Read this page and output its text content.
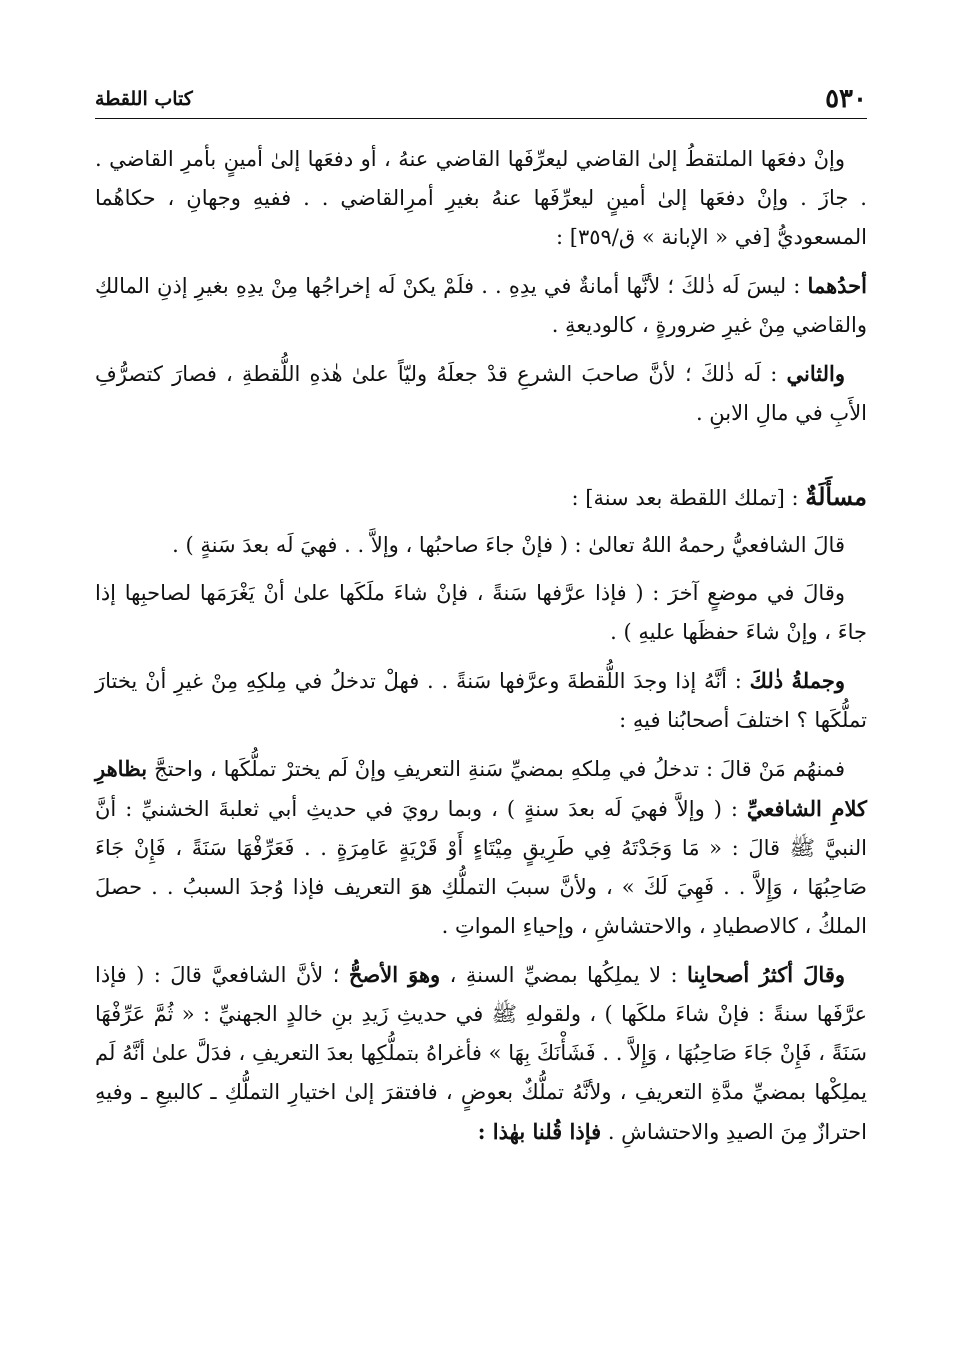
٥٣٠
كتاب اللقطة

وإنْ دفعَها الملتقطُ إلىٰ القاضي ليعرِّفَها القاضي عنهُ ، أو دفعَها إلىٰ أمينٍ بأمرِ القاضي . . جازَ . وإنْ دفعَها إلىٰ أمينٍ ليعرِّفَها عنهُ بغيرِ أمرِالقاضي . . ففيهِ وجهانِ ، حكاهُما المسعوديُّ [في « الإبانة » ق/٣٥٩] :

أحدُهما : ليسَ لَه ذٰلكَ ؛ لأنَّها أمانةٌ في يدِهِ . . فلَمْ يكنْ لَه إخراجُها مِنْ يدِهِ بغيرِ إذنِ المالكِ والقاضي مِنْ غيرِ ضرورةٍ ، كالوديعةِ .

والثاني : لَه ذٰلكَ ؛ لأنَّ صاحبَ الشرعِ قدْ جعلَهُ وليّاً علىٰ هٰذهِ اللُّقطةِ ، فصارَ كتصرُّفِ الأَبِ في مالِ الابنِ .

مسأَلَةٌ : [تملك اللقطة بعد سنة] :

قالَ الشافعيُّ رحمهُ اللهُ تعالىٰ : ( فإنْ جاءَ صاحبُها ، وإلاَّ . . فهيَ لَه بعدَ سَنةٍ ) .

وقالَ في موضعٍ آخرَ : ( فإذا عرَّفها سَنةً ، فإنْ شاءَ ملَكَها علىٰ أنْ يَغْرَمَها لصاحبِها إذا جاءَ ، وإنْ شاءَ حفظَها عليهِ ) .

وجملةُ ذٰلكَ : أنَّهُ إذا وجدَ اللُّقطةَ وعرَّفها سَنةً . . فهلْ تدخلُ في مِلكِهِ مِنْ غيرِ أنْ يختارَ تملُّكَها ؟ اختلفَ أصحابُنا فيهِ :

فمنهُم مَنْ قالَ : تدخلُ في مِلكهِ بمضيِّ سَنةِ التعريفِ وإنْ لَم يخترْ تملُّكَها ، واحتجَّ بظاهرِ كلامِ الشافعيِّ : ( وإلاَّ فهيَ لَه بعدَ سنةٍ ) ، وبما رويَ في حديثِ أبي ثعلبةَ الخشنيِّ : أنَّ النبيَّ ﷺ قالَ : « مَا وَجَدْتَهُ فِي طَرِيقٍ مِيْتَاءٍ أَوْ قَرْيَةٍ عَامِرَةٍ . . فَعَرِّفْهَا سَنَةً ، فَإِنْ جَاءَ صَاحِبُهَا ، وَإِلاَّ . . فَهِيَ لَكَ » ، ولأنَّ سببَ التملُّكِ هوَ التعريف فإذا وُجدَ السببُ . . حصلَ الملكُ ، كالاصطيادِ ، والاحتشاشِ ، وإحياءِ المواتِ .

وقالَ أكثرُ أصحابِنا : لا يملِكُها بمضيِّ السنةِ ، وهوَ الأصحُّ ؛ لأنَّ الشافعيَّ قالَ : ( فإذا عرَّفَها سنةً : فإنْ شاءَ ملكَها ) ، ولقولهِ ﷺ في حديثِ زَيدِ بنِ خالدٍ الجهنيِّ : « ثُمَّ عَرِّفْهَا سَنَةً ، فَإِنْ جَاءَ صَاحِبُهَا ، وَإِلاَّ . . فَشَأْنَكَ بِهَا » فأغراهُ بتملُّكِها بعدَ التعريفِ ، فدَلَّ علىٰ أنَّهُ لَم يملِكْها بمضيِّ مدَّةِ التعريفِ ، ولأنَّهُ تملُّكٌ بعوضٍ ، فافتقرَ إلىٰ اختيارِ التملُّكِ ـ كالبيعِ ـ وفيهِ احترازٌ مِنَ الصيدِ والاحتشاشِ . فإذا قُلنا بهٰذا :
